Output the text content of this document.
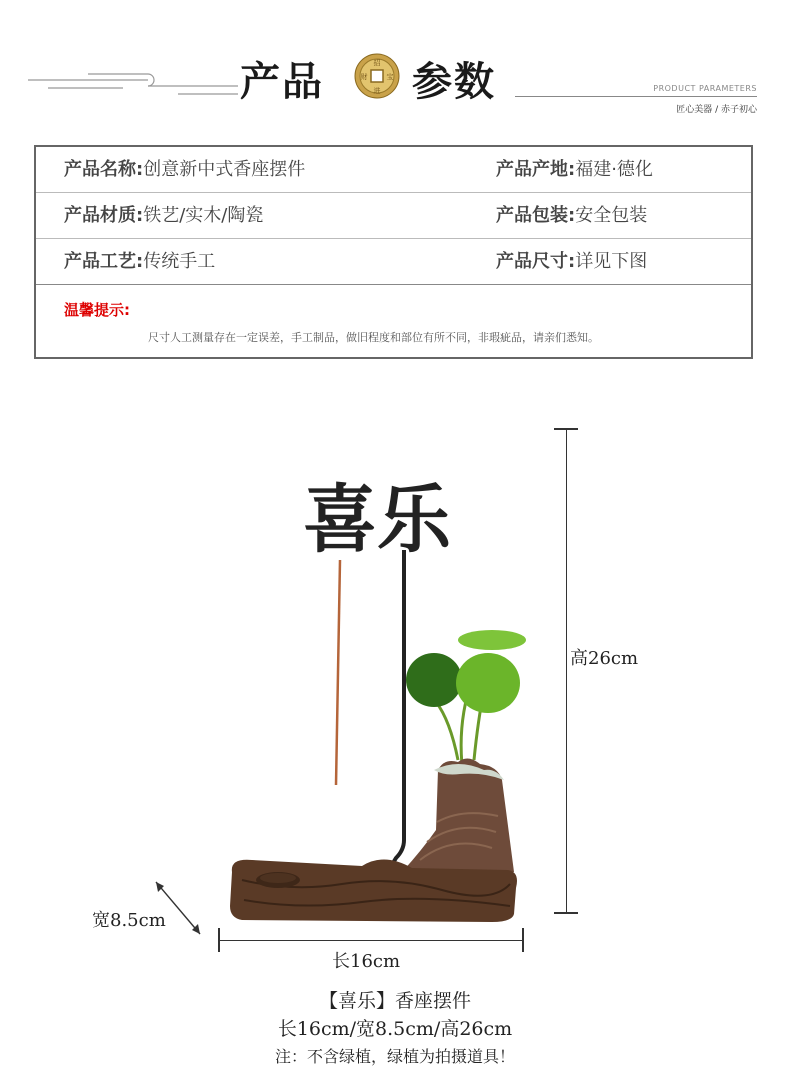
产品	招
进
财	宝 参数	PRODUCT PARAMETERS
匠心美器 / 赤子初心
产品名称:创意新中式香座摆件	产品产地:福建·德化
产品材质:铁艺/实木/陶瓷	产品包装:安全包装
产品工艺:传统手工	产品尺寸:详见下图
温馨提示:
尺寸人工测量存在一定误差，手工制品，做旧程度和部位有所不同，非瑕疵品，请亲们悉知。
喜乐
高26cm
长16cm
宽8.5cm
【喜乐】香座摆件
长16cm/宽8.5cm/高26cm
注：不含绿植，绿植为拍摄道具！
